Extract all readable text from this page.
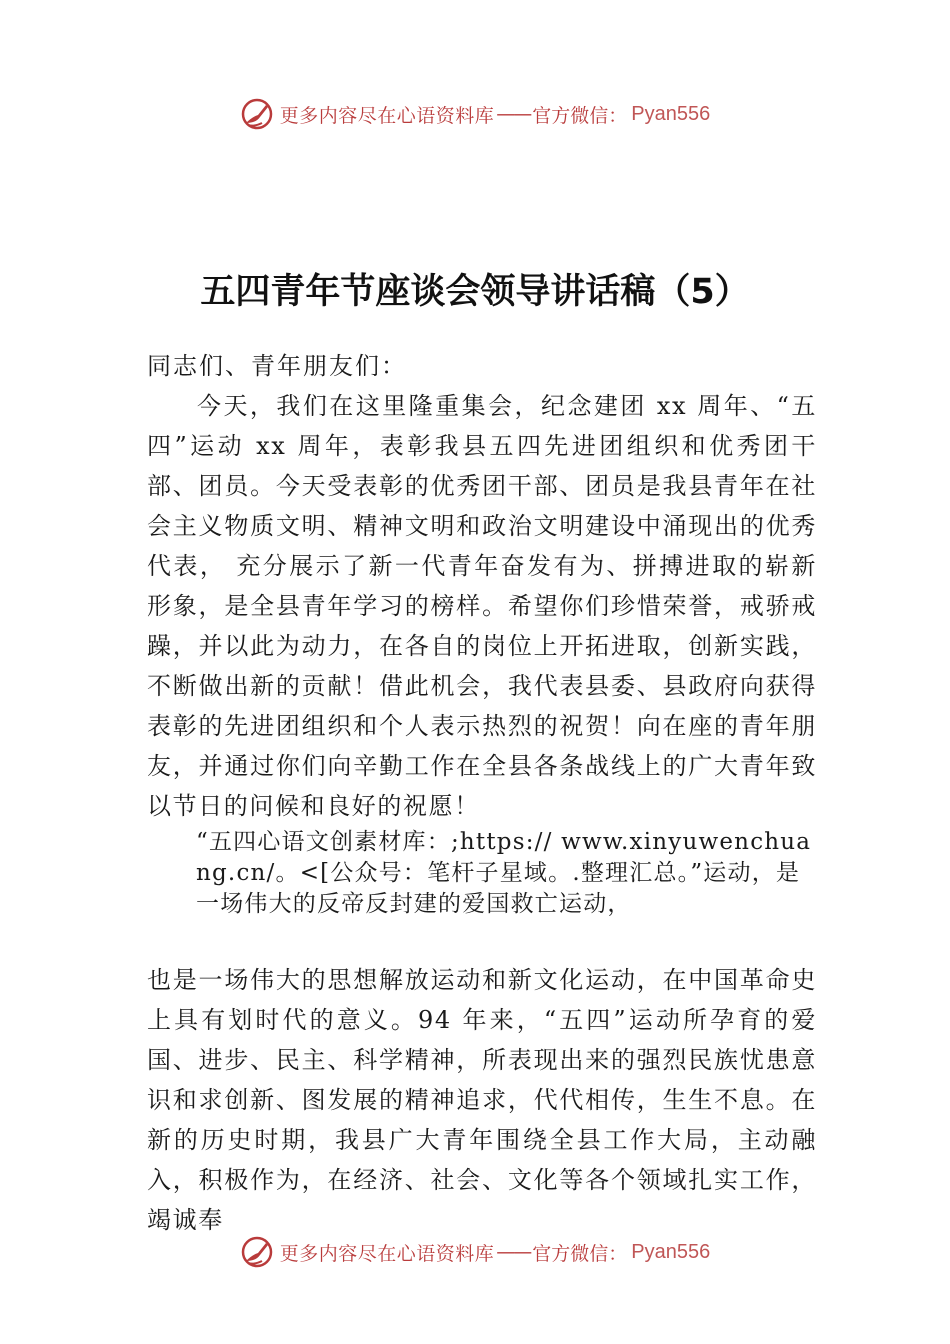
更多内容尽在心语资料库 —— 官方微信： Pyan556
五四青年节座谈会领导讲话稿（5）
同志们、青年朋友们：

今天，我们在这里隆重集会，纪念建团 xx 周年、“五四”运动 xx 周年，表彰我县五四先进团组织和优秀团干部、团员。今天受表彰的优秀团干部、团员是我县青年在社会主义物质文明、精神文明和政治文明建设中涌现出的优秀代表， 充分展示了新一代青年奋发有为、拼搏进取的崭新形象，是全县青年学习的榜样。希望你们珍惜荣誉，戒骄戒躁，并以此为动力，在各自的岗位上开拓进取，创新实践，不断做出新的贡献！借此机会，我代表县委、县政府向获得表彰的先进团组织和个人表示热烈的祝贺！向在座的青年朋友，并通过你们向辛勤工作在全县各条战线上的广大青年致以节日的问候和良好的祝愿！

“五四心语文创素材库：;https:// www.xinyuwenchuang.cn/。<[公众号：笔杆子星域。.整理汇总。”运动，是一场伟大的反帝反封建的爱国救亡运动，

也是一场伟大的思想解放运动和新文化运动，在中国革命史上具有划时代的意义。94 年来，“五四”运动所孕育的爱国、进步、民主、科学精神，所表现出来的强烈民族忧患意识和求创新、图发展的精神追求，代代相传，生生不息。在新的历史时期，我县广大青年围绕全县工作大局，主动融入，积极作为，在经济、社会、文化等各个领域扎实工作，竭诚奉

更多内容尽在心语资料库 —— 官方微信： Pyan556
